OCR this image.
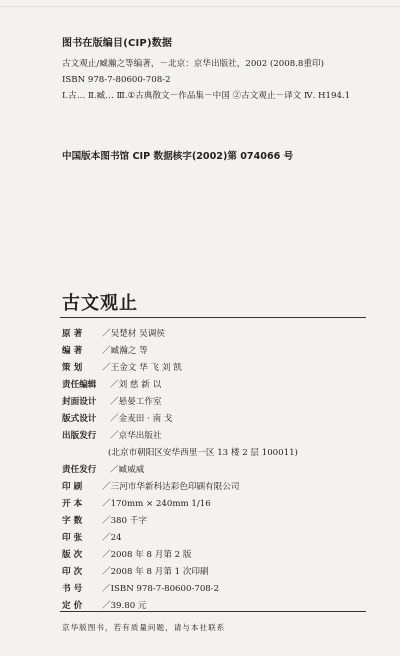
图书在版编目(CIP)数据
古文观止/臧瀚之等编著，－北京：京华出版社，2002 (2008.8重印)
ISBN 978-7-80600-708-2
Ⅰ.古… Ⅱ.臧… Ⅲ.①古典散文－作品集－中国 ②古文观止－译文 Ⅳ. H194.1
中国版本图书馆 CIP 数据核字(2002)第 074066 号
古文观止
原 著	／吴楚材 吴调侯
编 著	／臧瀚之 等
策 划	／王金文 华 飞 刘 凯
责任编辑	／刘 慈 新 以
封面设计	／悬晏工作室
版式设计	／金麦田 · 南 戈
出版发行	／京华出版社
(北京市朝阳区安华西里一区 13 楼 2 层 100011)
责任发行	／臧威威
印 刷	／三河市华新科达彩色印刷有限公司
开 本	／170mm × 240mm 1/16
字 数	／380 千字
印 张	／24
版 次	／2008 年 8 月第 2 版
印 次	／2008 年 8 月第 1 次印刷
书 号	／ISBN 978-7-80600-708-2
定 价	／39.80 元
京华版图书，若有质量问题，请与本社联系
